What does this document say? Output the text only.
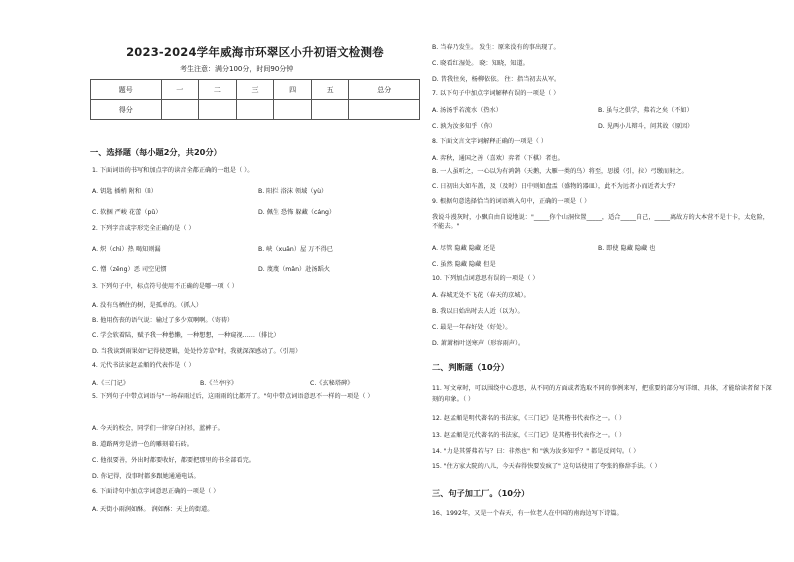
2023-2024学年威海市环翠区小升初语文检测卷
考生注意：满分100分，时间90分钟
题号	一	二	三	四	五	总分
得分						
一、选择题（每小题2分，共20分）
1. 下面词语的书写和加点字的读音全都正确的一组是（ ）。
A. 钥匙 插梢 附和（lì）	B. 阳拦 浴沫 领域（yù）
C. 软捆 严峻 花蕾（pǔ）	D. 佩生 恐怖 躲藏（cáng）
2. 下列字音或字形完全正确的是（ ）
A. 炽（chì）热 喝知则漏	B. 峡（xuān）屋 万不得已
C. 憎（zēng）恶 司空见惯	D. 蔑蔑（mǎn）赴汤蹈火
3. 下列句子中，标点符号使用不正确的是哪一项（ ）
A. 没有鸟栖住的树，是孤单的。（抓人）
B. 他用伤丧的语气说：输过了多少双啊啊。（寄祷）
C. 学会软着陆，赋予我一种愁懒，一种想想，一种窥视……（排比）
D. 当我读到雨果如"记得使逻辑，处处怜芳草"时，我就深深感动了。（引用）
4. 元代书法家赵孟頫的代表作是（ ）
A.《三门记》	B.《兰亭序》	C.《玄秘塔碑》
5. 下列句子中带点词语与"一场春雨过后，这雨雨的比都开了。"句中带点词语意思不一样的一项是（ ）
A. 今天的校会，同学们一律穿白衬衫，蓝裤子。
B. 道路两旁是清一色的雕刻着石砖。
C. 他很要善，外出时都要收好，都要把那里的书全部看完。
D. 你记得，没事时都多跟她通通电话。
6. 下面诗句中加点字词意思正确的一项是（ ）
A. 天街小雨润如酥。 润如酥：天上的街道。
B. 当春乃发生。 发生：原来没有的事出现了。
C. 晓看红湿处。 晓：知晓，知道。
D. 昔我往矣，杨柳依依。 往：指当初去从军。
7. 以下句子中加点字词解释有误的一项是（ ）
A. 汤汤乎若流水（热水）	B. 虽与之俱学，弗若之矣（不如）
C. 孰为汝多知乎（你）	D. 见两小儿辩斗，问其故（原因）
8. 下面文言文字词解释正确的一项是（ ）
A. 弈秋，通国之善（喜欢）弈者（下棋）者也。
B. 一人虽听之，一心以为有鸿鹄（天鹅，大雁一类的鸟）将至，思援（引，拉）弓缴而射之。
C. 日初出大如车盖，及（及时）日中则如盘盂（盛物的器皿），此不为远者小而近者大乎？
9. 根据句意选择恰当的词语填入句中，正确的一项是（ ）
我说斗漫灰时，小飘自由自说地说："_____你个山洞位置_____，适合_____自己，_____离故方的大本营不是十卡，太危险，不能去。"
A. 尽管 隐藏 隐藏 还是	B. 即使 隐藏 隐藏 也
C. 虽然 隐藏 隐藏 但是
10. 下列加点词意思有误的一项是（ ）
A. 春城无处不飞花（春天的京城）。
B. 我以日始出时去人近（以为）。
C. 最是一年春好处（好处）。
D. 萧萧梧叶送寒声（形容雨声）。
二、判断题（10分）
11. 写文章时，可以围绕中心意思，从不同的方面或者选取不同的事例来写，把重要的部分写详细、具体，才能给读者留下深刻的印象。（ ）
12. 赵孟頫是明代著名的书法家，《三门记》是其楷书代表作之一。（ ）
13. 赵孟頫是元代著名的书法家，《三门记》是其楷书代表作之一。（ ）
14. "力是其誓弗若与？曰：非然也" 和 "孰为汝多知乎？" 都是反问句。（ ）
15. "住方家大院的八儿，今天春得快要发疯了" 这句话使用了夸张的修辞手法。（ ）
三、句子加工厂。（10分）
16、1992年，又是一个春天，有一位老人在中国的南海边写下诗篇。
